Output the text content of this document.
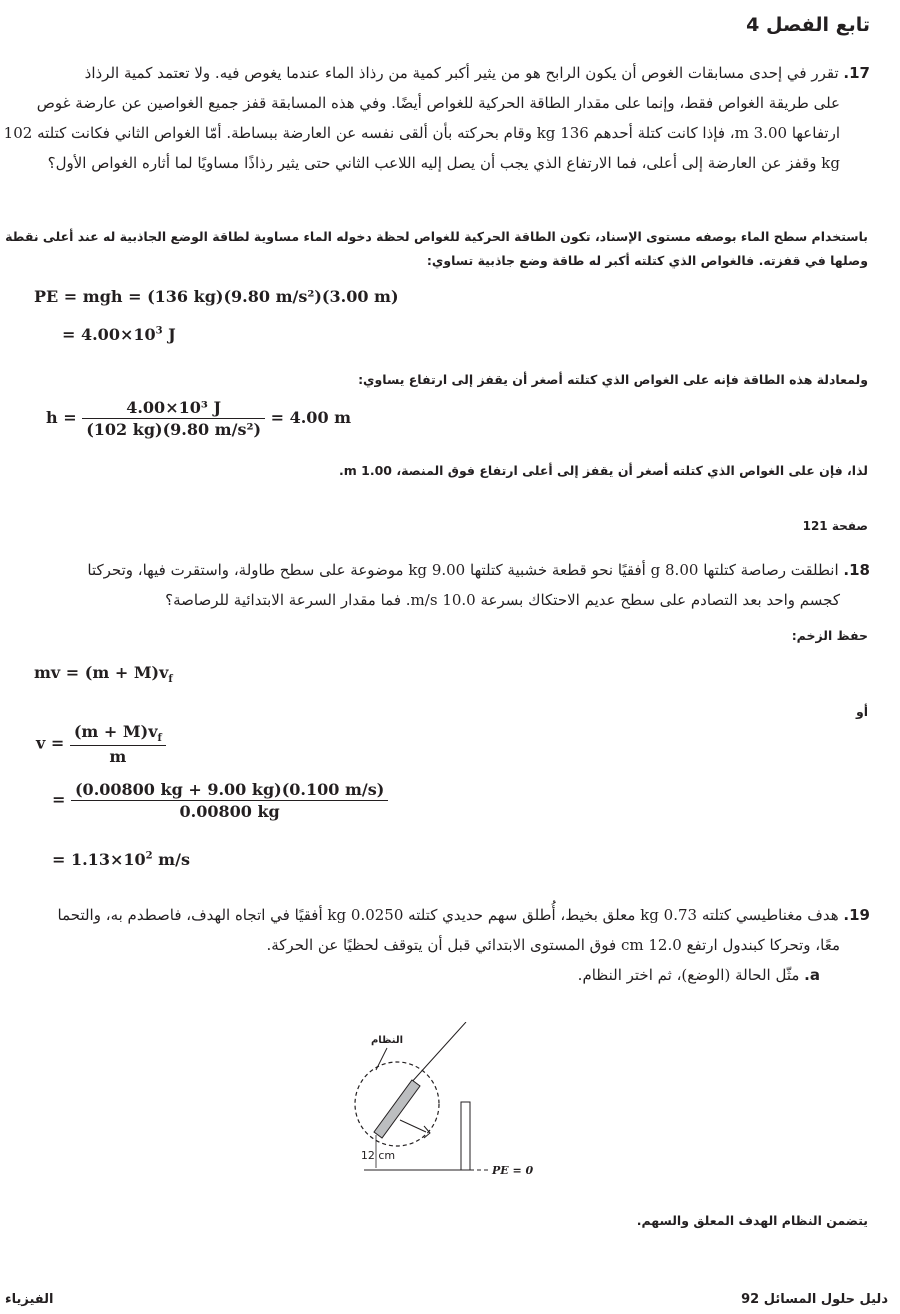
تابع الفصل 4
17. تقرر في إحدى مسابقات الغوص أن يكون الرابح هو من يثير أكبر كمية من رذاذ الماء عندما يغوص فيه. ولا تعتمد كمية الرذاذ
على طريقة الغواص فقط، وإنما على مقدار الطاقة الحركية للغواص أيضًا. وفي هذه المسابقة قفز جميع الغواصين عن عارضة غوص ارتفاعها 3.00 m، فإذا كانت كتلة أحدهم 136 kg وقام بحركته بأن ألقى نفسه عن العارضة ببساطة. أمّا الغواص الثاني فكانت كتلته 102 kg وقفز عن العارضة إلى أعلى، فما الارتفاع الذي يجب أن يصل إليه اللاعب الثاني حتى يثير رذاذًا مساويًا لما أثاره الغواص الأول؟
باستخدام سطح الماء بوصفه مستوى الإسناد، تكون الطاقة الحركية للغواص لحظة دخوله الماء مساوية لطاقة الوضع الجاذبية له عند أعلى نقطة وصلها في قفزته. فالغواص الذي كتلته أكبر له طاقة وضع جاذبية تساوي:
PE = mgh = (136 kg)(9.80 m/s²)(3.00 m)
= $4.00\times 10^3$ J
ولمعادلة هذه الطاقة فإنه على الغواص الذي كتلته أصغر أن يقفز إلى ارتفاع يساوي:
$h = \frac{\text{4.00×10³ J}}{\text{(102 kg)(9.80 m/s²)}} = 4.00$ m
لذا، فإن على الغواص الذي كتلته أصغر أن يقفز إلى أعلى ارتفاع فوق المنصة، 1.00 m.
صفحة 121
18. انطلقت رصاصة كتلتها 8.00 g أفقيًا نحو قطعة خشبية كتلتها 9.00 kg موضوعة على سطح طاولة، واستقرت فيها، وتحركتا
كجسم واحد بعد التصادم على سطح عديم الاحتكاك بسرعة 10.0 m/s. فما مقدار السرعة الابتدائية للرصاصة؟
حفظ الزخم:
mv = $(m + M)v_f$
أو
$v = \frac{(m + M)v_f}{m}$
= $\frac{(0.00800 kg + 9.00 kg)(0.100 m/s)}{0.00800 kg}$
= $1.13\times 10^2$ m/s
19. هدف مغناطيسي كتلته 0.73 kg معلق بخيط، أُطلق سهم حديدي كتلته 0.0250 kg أفقيًا في اتجاه الهدف، فاصطدم به، والتحما
معًا، وتحركا كبندول ارتفع 12.0 cm فوق المستوى الابتدائي قبل أن يتوقف لحظيًا عن الحركة.
a. مثّل الحالة (الوضع)، ثم اختر النظام.
النظام
12 cm
PE = 0
يتضمن النظام الهدف المعلق والسهم.
الفيزياء	دليل حلول المسائل 92
